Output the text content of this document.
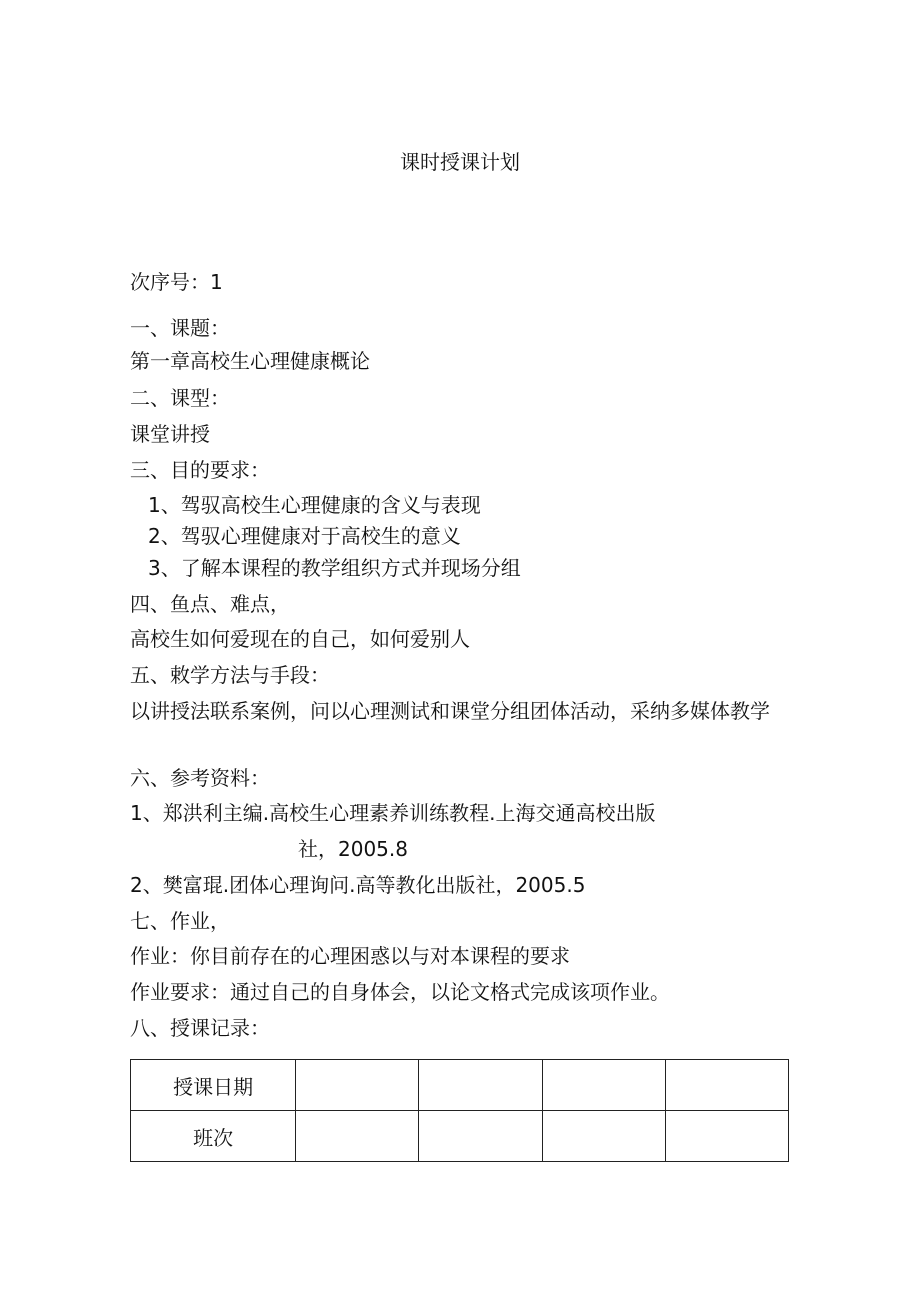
课时授课计划
次序号：1
一、课题：
第一章高校生心理健康概论
二、课型：
课堂讲授
三、目的要求：
1、驾驭高校生心理健康的含义与表现
2、驾驭心理健康对于高校生的意义
3、了解本课程的教学组织方式并现场分组
四、鱼点、难点，
高校生如何爱现在的自己，如何爱别人
五、敕学方法与手段：
以讲授法联系案例，问以心理测试和课堂分组团体活动，采纳多媒体教学
六、参考资料：
1、郑洪利主编.高校生心理素养训练教程.上海交通高校出版
社，2005.8
2、樊富琨.团体心理询问.高等教化出版社，2005.5
七、作业，
作业：你目前存在的心理困惑以与对本课程的要求
作业要求：通过自己的自身体会，以论文格式完成该项作业。
八、授课记录：
授课日期				
班次				
